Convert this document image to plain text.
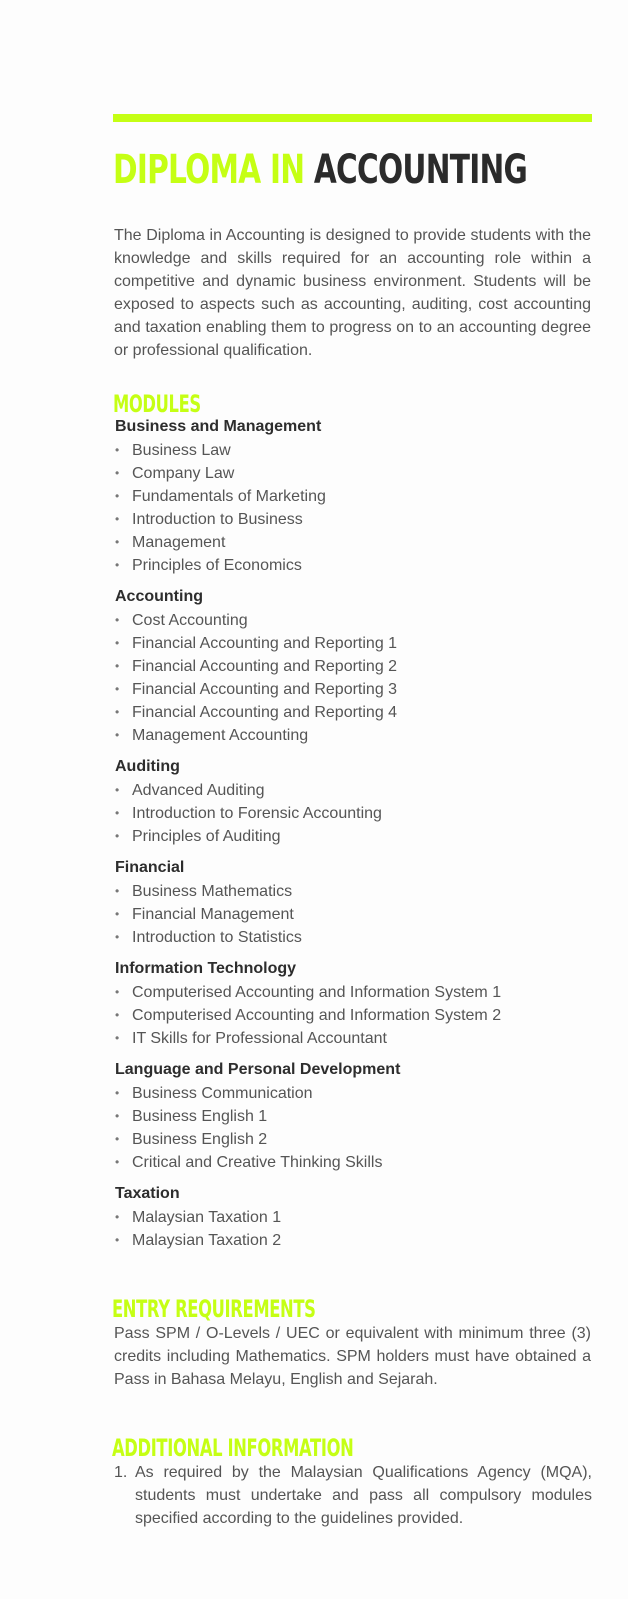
DIPLOMA IN ACCOUNTING

The Diploma in Accounting is designed to provide students with the knowledge and skills required for an accounting role within a competitive and dynamic business environment. Students will be exposed to aspects such as accounting, auditing, cost accounting and taxation enabling them to progress on to an accounting degree or professional qualification.

MODULES
Business and Management
• Business Law
• Company Law
• Fundamentals of Marketing
• Introduction to Business
• Management
• Principles of Economics
Accounting
• Cost Accounting
• Financial Accounting and Reporting 1
• Financial Accounting and Reporting 2
• Financial Accounting and Reporting 3
• Financial Accounting and Reporting 4
• Management Accounting
Auditing
• Advanced Auditing
• Introduction to Forensic Accounting
• Principles of Auditing
Financial
• Business Mathematics
• Financial Management
• Introduction to Statistics
Information Technology
• Computerised Accounting and Information System 1
• Computerised Accounting and Information System 2
• IT Skills for Professional Accountant
Language and Personal Development
• Business Communication
• Business English 1
• Business English 2
• Critical and Creative Thinking Skills
Taxation
• Malaysian Taxation 1
• Malaysian Taxation 2
ENTRY REQUIREMENTS

Pass SPM / O-Levels / UEC or equivalent with minimum three (3) credits including Mathematics. SPM holders must have obtained a Pass in Bahasa Melayu, English and Sejarah.

ADDITIONAL INFORMATION
1. As required by the Malaysian Qualifications Agency (MQA), students must undertake and pass all compulsory modules specified according to the guidelines provided.
